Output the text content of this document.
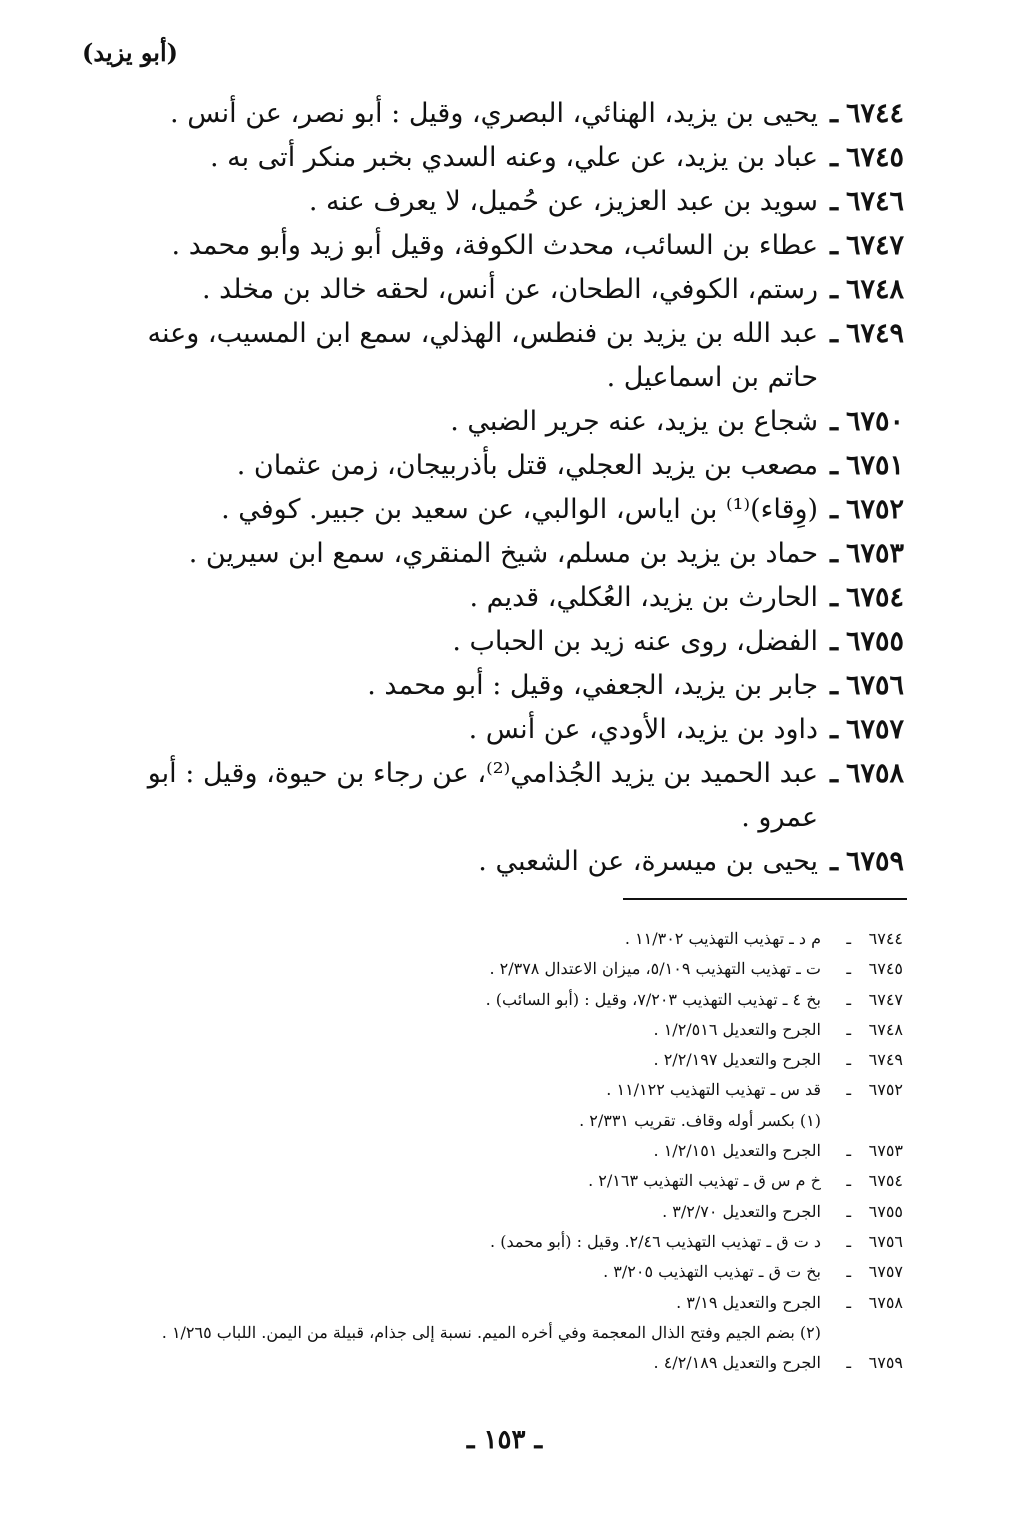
(أبو يزيد)
٦٧٤٤
ـ
يحيى بن يزيد، الهنائي، البصري، وقيل : أبو نصر، عن أنس .
٦٧٤٥
ـ
عباد بن يزيد، عن علي، وعنه السدي بخبر منكر أتى به .
٦٧٤٦
ـ
سويد بن عبد العزيز، عن حُميل، لا يعرف عنه .
٦٧٤٧
ـ
عطاء بن السائب، محدث الكوفة، وقيل أبو زيد وأبو محمد .
٦٧٤٨
ـ
رستم، الكوفي، الطحان، عن أنس، لحقه خالد بن مخلد .
٦٧٤٩
ـ
عبد الله بن يزيد بن فنطس، الهذلي، سمع ابن المسيب، وعنه حاتم بن اسماعيل .
٦٧٥٠
ـ
شجاع بن يزيد، عنه جرير الضبي .
٦٧٥١
ـ
مصعب بن يزيد العجلي، قتل بأذربيجان، زمن عثمان .
٦٧٥٢
ـ
(وِقاء)⁽¹⁾ بن اياس، الوالبي، عن سعيد بن جبير. كوفي .
٦٧٥٣
ـ
حماد بن يزيد بن مسلم، شيخ المنقري، سمع ابن سيرين .
٦٧٥٤
ـ
الحارث بن يزيد، العُكلي، قديم .
٦٧٥٥
ـ
الفضل، روى عنه زيد بن الحباب .
٦٧٥٦
ـ
جابر بن يزيد، الجعفي، وقيل : أبو محمد .
٦٧٥٧
ـ
داود بن يزيد، الأودي، عن أنس .
٦٧٥٨
ـ
عبد الحميد بن يزيد الجُذامي⁽²⁾، عن رجاء بن حيوة، وقيل : أبو عمرو .
٦٧٥٩
ـ
يحيى بن ميسرة، عن الشعبي .
٦٧٤٤
ـ
م د ـ تهذيب التهذيب ١١/٣٠٢ .
٦٧٤٥
ـ
ت ـ تهذيب التهذيب ٥/١٠٩، ميزان الاعتدال ٢/٣٧٨ .
٦٧٤٧
ـ
بخ ٤ ـ تهذيب التهذيب ٧/٢٠٣، وقيل : (أبو السائب) .
٦٧٤٨
ـ
الجرح والتعديل ١/٢/٥١٦ .
٦٧٤٩
ـ
الجرح والتعديل ٢/٢/١٩٧ .
٦٧٥٢
ـ
قد س ـ تهذيب التهذيب ١١/١٢٢ .
(١) بكسر أوله وقاف. تقريب ٢/٣٣١ .
٦٧٥٣
ـ
الجرح والتعديل ١/٢/١٥١ .
٦٧٥٤
ـ
خ م س ق ـ تهذيب التهذيب ٢/١٦٣ .
٦٧٥٥
ـ
الجرح والتعديل ٣/٢/٧٠ .
٦٧٥٦
ـ
د ت ق ـ تهذيب التهذيب ٢/٤٦. وقيل : (أبو محمد) .
٦٧٥٧
ـ
بخ ت ق ـ تهذيب التهذيب ٣/٢٠٥ .
٦٧٥٨
ـ
الجرح والتعديل ٣/١٩ .
(٢) بضم الجيم وفتح الذال المعجمة وفي أخره الميم. نسبة إلى جذام، قبيلة من اليمن. اللباب ١/٢٦٥ .
٦٧٥٩
ـ
الجرح والتعديل ٤/٢/١٨٩ .
ـ ١٥٣ ـ
